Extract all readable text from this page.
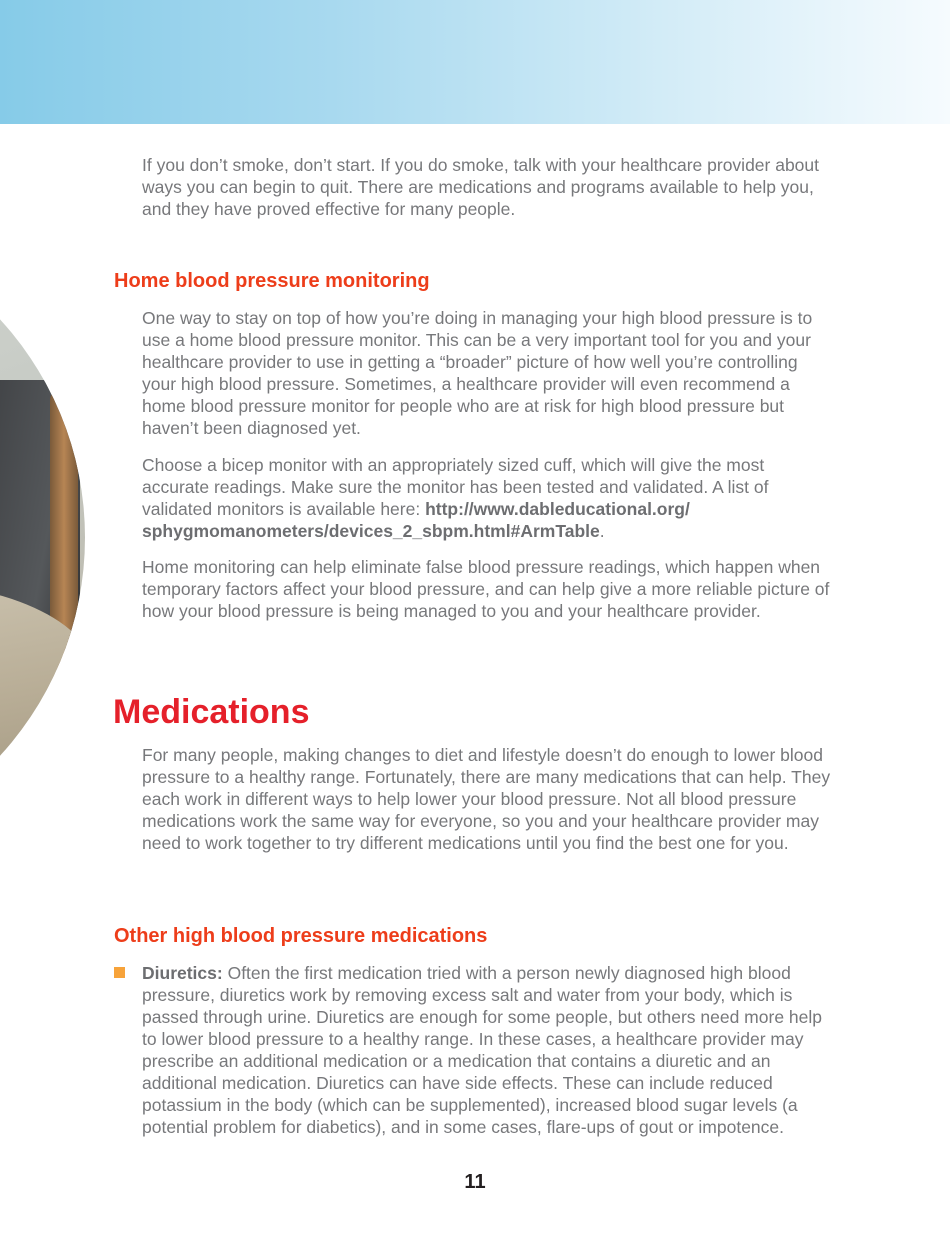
If you don’t smoke, don’t start. If you do smoke, talk with your healthcare provider about ways you can begin to quit. There are medications and programs available to help you, and they have proved effective for many people.

Home blood pressure monitoring

One way to stay on top of how you’re doing in managing your high blood pressure is to use a home blood pressure monitor. This can be a very important tool for you and your healthcare provider to use in getting a “broader” picture of how well you’re controlling your high blood pressure. Sometimes, a healthcare provider will even recommend a home blood pressure monitor for people who are at risk for high blood pressure but haven’t been diagnosed yet.

Choose a bicep monitor with an appropriately sized cuff, which will give the most accurate readings. Make sure the monitor has been tested and validated. A list of validated monitors is available here: http://www.dableducational.org/
sphygmomanometers/devices_2_sbpm.html#ArmTable.

Home monitoring can help eliminate false blood pressure readings, which happen when temporary factors affect your blood pressure, and can help give a more reliable picture of how your blood pressure is being managed to you and your healthcare provider.

Medications

For many people, making changes to diet and lifestyle doesn’t do enough to lower blood pressure to a healthy range. Fortunately, there are many medications that can help. They each work in different ways to help lower your blood pressure. Not all blood pressure medications work the same way for everyone, so you and your healthcare provider may need to work together to try different medications until you find the best one for you.

Other high blood pressure medications

Diuretics: Often the first medication tried with a person newly diagnosed high blood pressure, diuretics work by removing excess salt and water from your body, which is passed through urine. Diuretics are enough for some people, but others need more help to lower blood pressure to a healthy range. In these cases, a healthcare provider may prescribe an additional medication or a medication that contains a diuretic and an additional medication. Diuretics can have side effects. These can include reduced potassium in the body (which can be supplemented), increased blood sugar levels (a potential problem for diabetics), and in some cases, flare-ups of gout or impotence.

11
